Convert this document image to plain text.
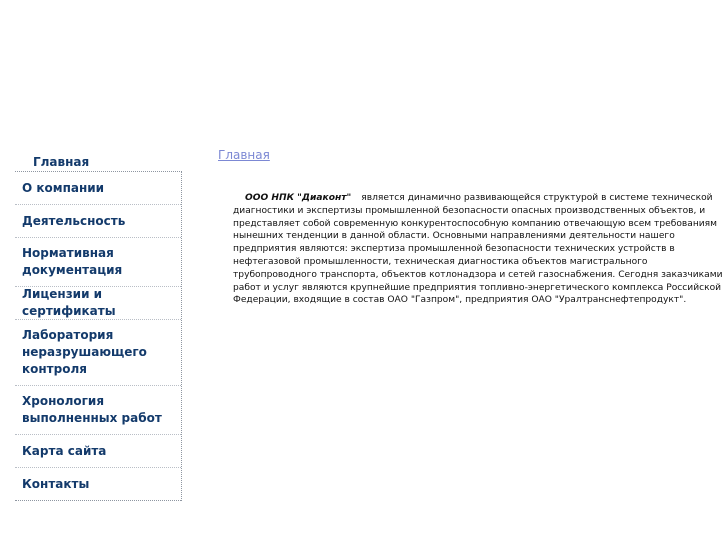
Главная
О компании
Деятельсность
Нормативная документация
Лицензии и сертификаты
Лаборатория неразрушающего контроля
Хронология выполненных работ
Карта сайта
Контакты
Главная
ООО НПК "Диаконт" является динамично развивающейся структурой в системе технической диагностики и экспертизы промышленной безопасности опасных производственных объектов, и представляет собой современную конкурентоспособную компанию отвечающую всем требованиям нынешних тенденции в данной области. Основными направлениями деятельности нашего предприятия являются: экспертиза промышленной безопасности технических устройств в нефтегазовой промышленности, техническая диагностика объектов магистрального трубопроводного транспорта, объектов котлонадзора и сетей газоснабжения. Сегодня заказчиками работ и услуг являются крупнейшие предприятия топливно-энергетического комплекса Российской Федерации, входящие в состав ОАО "Газпром", предприятия ОАО "Уралтранснефтепродукт".
